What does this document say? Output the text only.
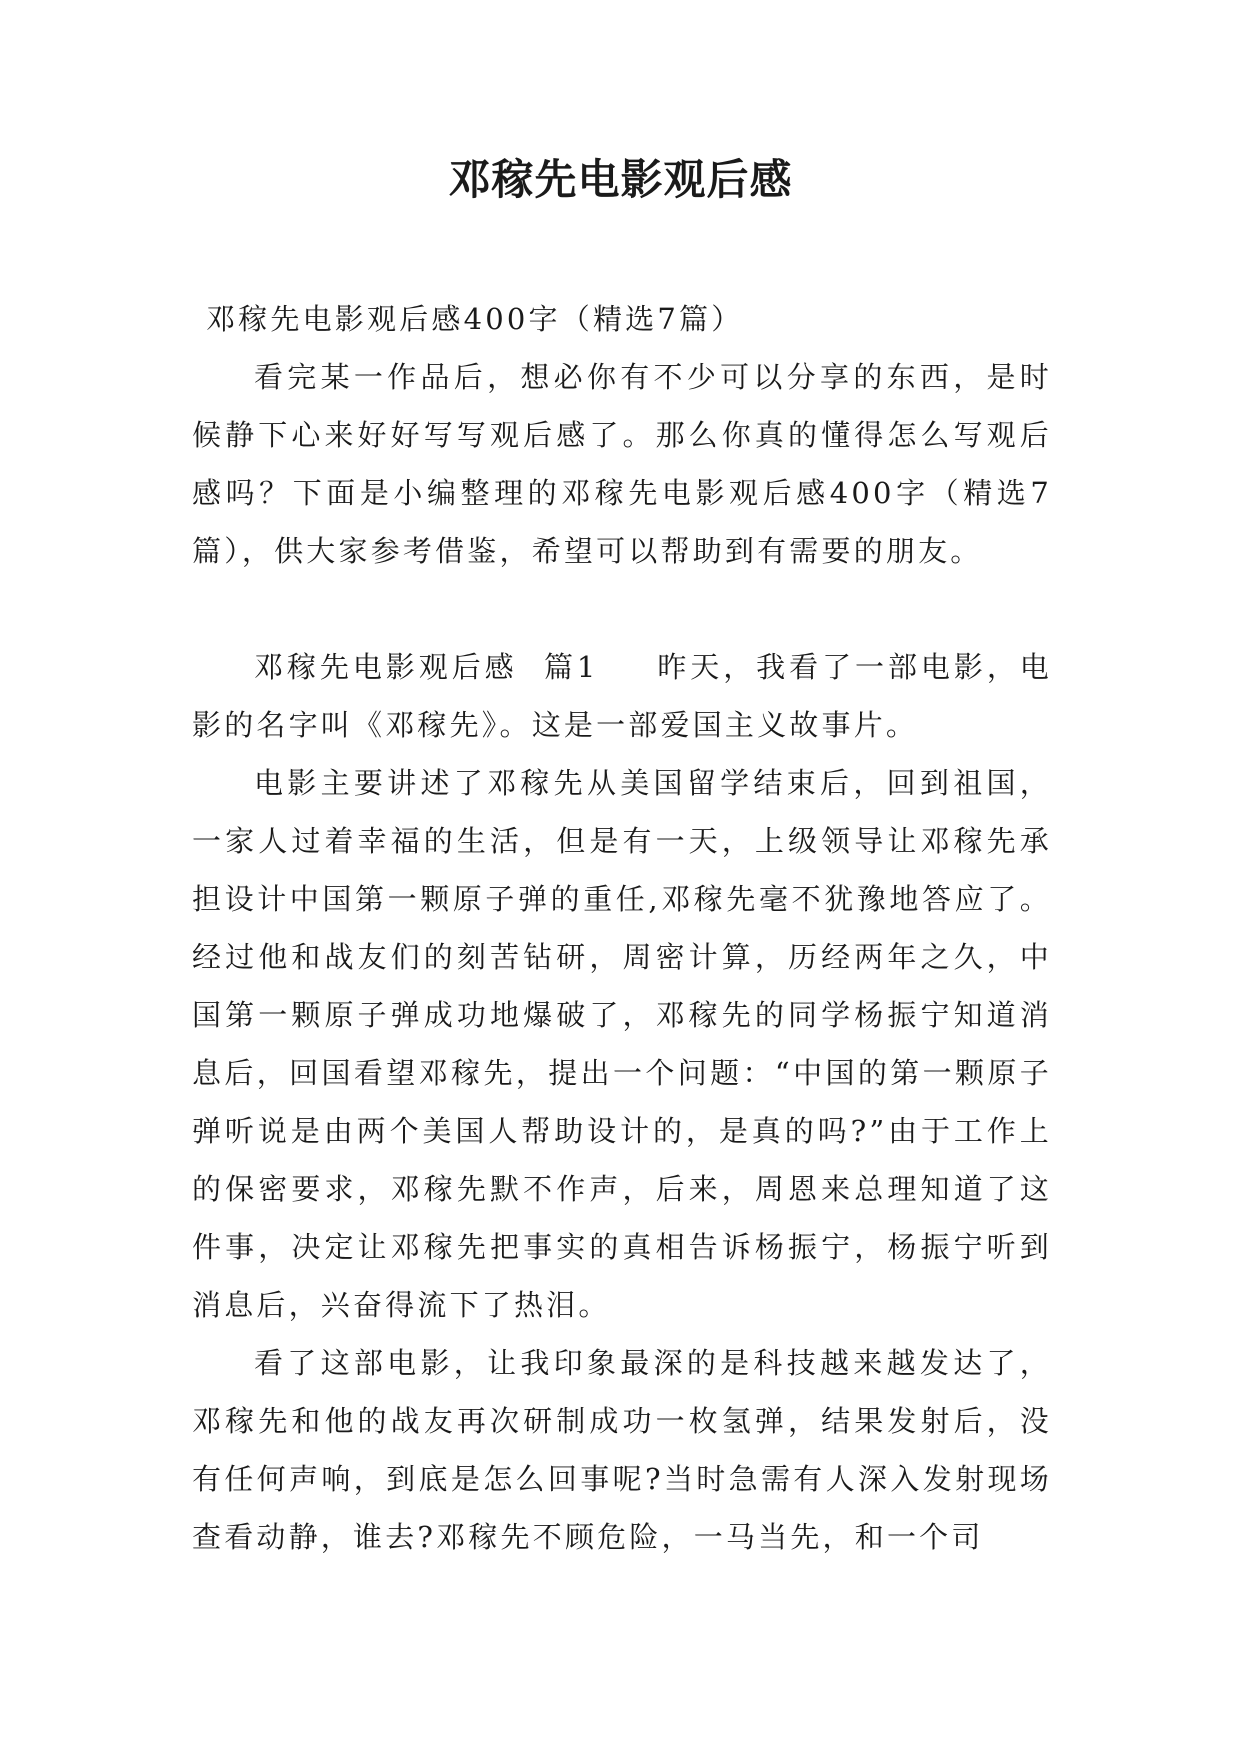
邓稼先电影观后感

邓稼先电影观后感400字（精选7篇）

看完某一作品后，想必你有不少可以分享的东西，是时候静下心来好好写写观后感了。那么你真的懂得怎么写观后感吗？下面是小编整理的邓稼先电影观后感400字（精选7篇），供大家参考借鉴，希望可以帮助到有需要的朋友。

邓稼先电影观后感  篇1 昨天，我看了一部电影，电影的名字叫《邓稼先》。这是一部爱国主义故事片。

电影主要讲述了邓稼先从美国留学结束后，回到祖国，一家人过着幸福的生活，但是有一天，上级领导让邓稼先承担设计中国第一颗原子弹的重任,邓稼先毫不犹豫地答应了。经过他和战友们的刻苦钻研，周密计算，历经两年之久，中国第一颗原子弹成功地爆破了，邓稼先的同学杨振宁知道消息后，回国看望邓稼先，提出一个问题：“中国的第一颗原子弹听说是由两个美国人帮助设计的，是真的吗?”由于工作上的保密要求，邓稼先默不作声，后来，周恩来总理知道了这件事，决定让邓稼先把事实的真相告诉杨振宁，杨振宁听到消息后，兴奋得流下了热泪。

看了这部电影，让我印象最深的是科技越来越发达了，邓稼先和他的战友再次研制成功一枚氢弹，结果发射后，没有任何声响，到底是怎么回事呢?当时急需有人深入发射现场查看动静，谁去?邓稼先不顾危险，一马当先，和一个司
